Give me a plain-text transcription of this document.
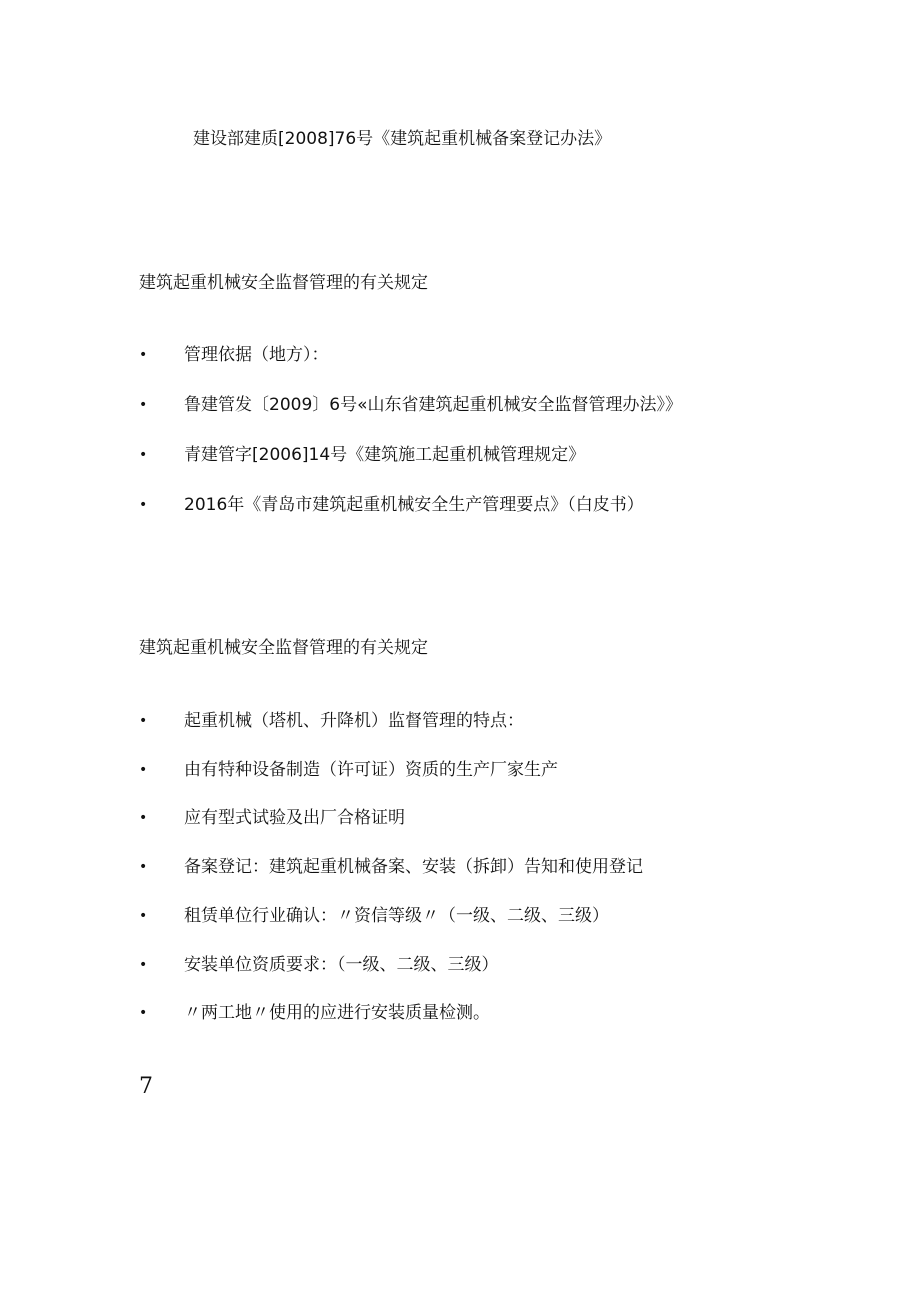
建设部建质[2008]76号《建筑起重机械备案登记办法》
建筑起重机械安全监督管理的有关规定
• 管理依据（地方）：
• 鲁建管发〔2009〕6号«山东省建筑起重机械安全监督管理办法》》
• 青建管字[2006]14号《建筑施工起重机械管理规定》
• 2016年《青岛市建筑起重机械安全生产管理要点》（白皮书）
建筑起重机械安全监督管理的有关规定
• 起重机械（塔机、升降机）监督管理的特点：
• 由有特种设备制造（许可证）资质的生产厂家生产
• 应有型式试验及出厂合格证明
• 备案登记：建筑起重机械备案、安装（拆卸）告知和使用登记
• 租赁单位行业确认：〃资信等级〃（一级、二级、三级）
• 安装单位资质要求：（一级、二级、三级）
• 〃两工地〃使用的应进行安装质量检测。
7
